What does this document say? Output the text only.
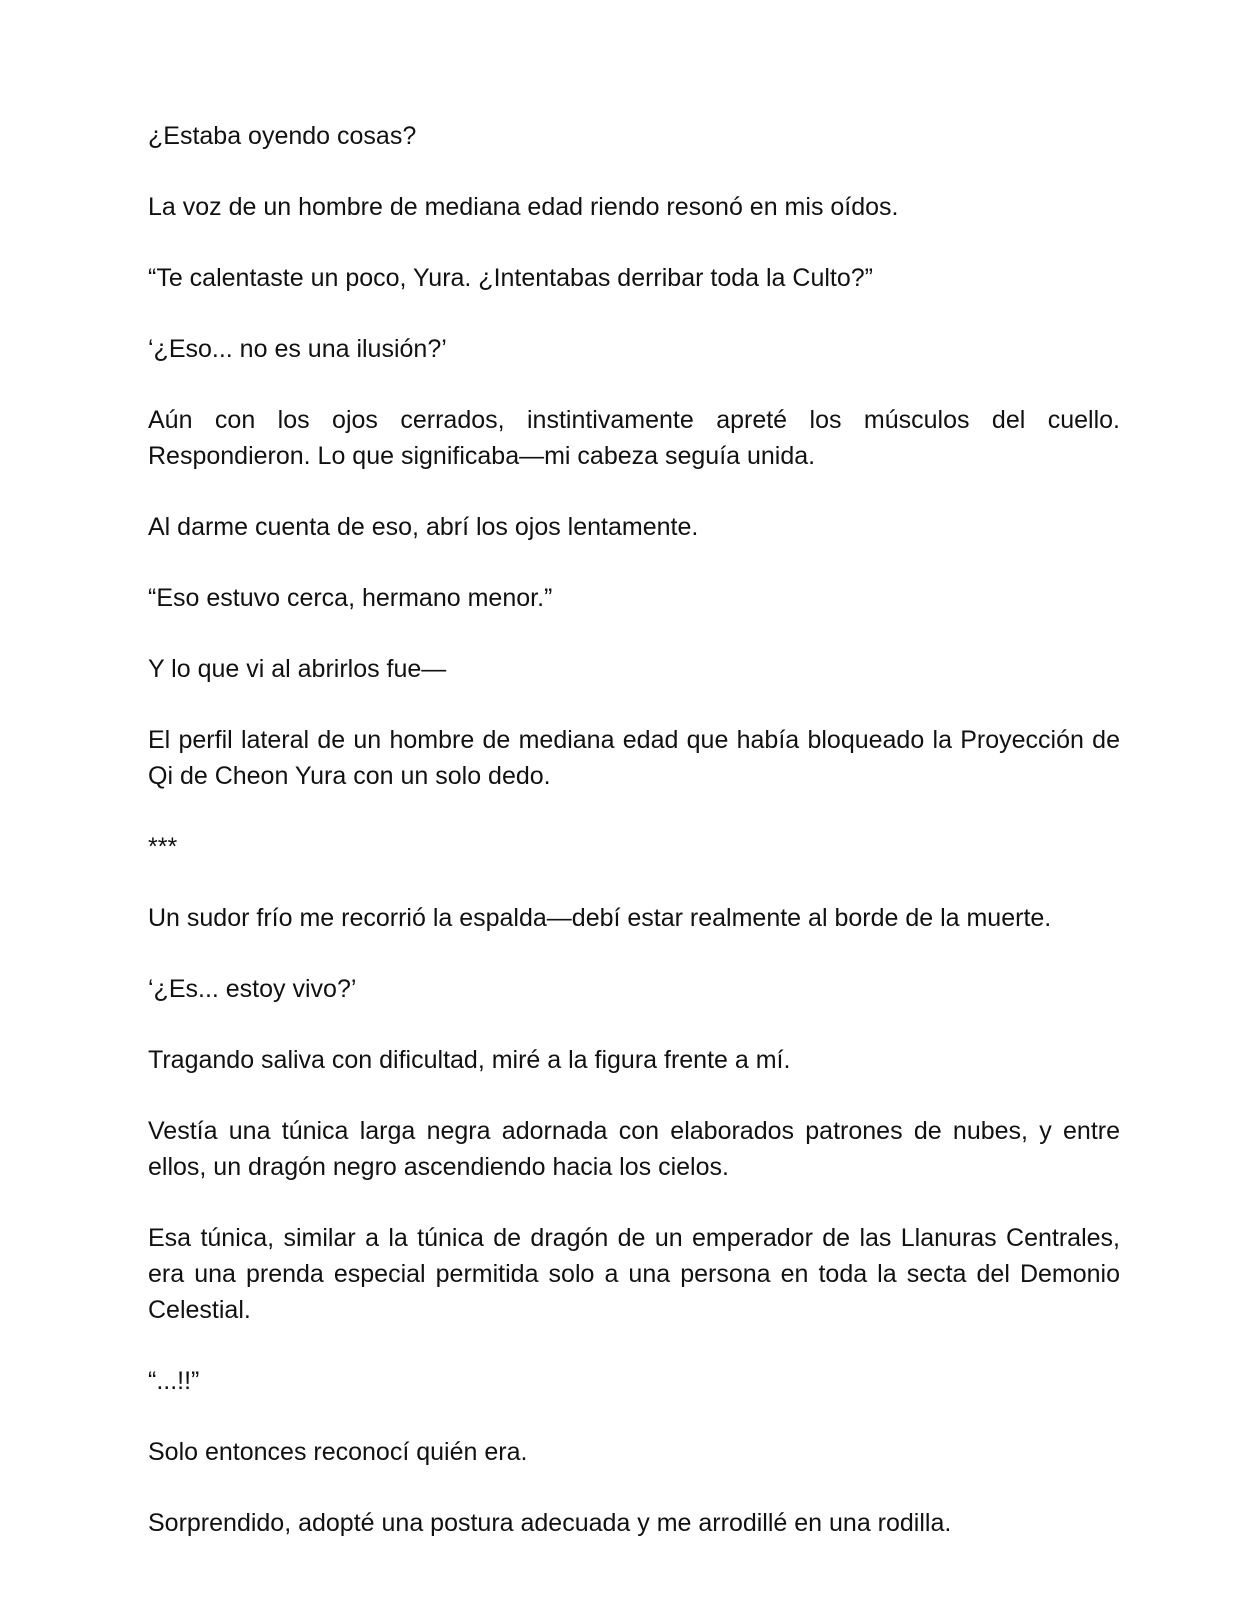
¿Estaba oyendo cosas?

La voz de un hombre de mediana edad riendo resonó en mis oídos.

“Te calentaste un poco, Yura. ¿Intentabas derribar toda la Culto?”

‘¿Eso... no es una ilusión?’

Aún con los ojos cerrados, instintivamente apreté los músculos del cuello. Respondieron. Lo que significaba—mi cabeza seguía unida.

Al darme cuenta de eso, abrí los ojos lentamente.

“Eso estuvo cerca, hermano menor.”

Y lo que vi al abrirlos fue—

El perfil lateral de un hombre de mediana edad que había bloqueado la Proyección de Qi de Cheon Yura con un solo dedo.

***

Un sudor frío me recorrió la espalda—debí estar realmente al borde de la muerte.

‘¿Es... estoy vivo?’

Tragando saliva con dificultad, miré a la figura frente a mí.

Vestía una túnica larga negra adornada con elaborados patrones de nubes, y entre ellos, un dragón negro ascendiendo hacia los cielos.

Esa túnica, similar a la túnica de dragón de un emperador de las Llanuras Centrales, era una prenda especial permitida solo a una persona en toda la secta del Demonio Celestial.

“...!!”

Solo entonces reconocí quién era.

Sorprendido, adopté una postura adecuada y me arrodillé en una rodilla.
